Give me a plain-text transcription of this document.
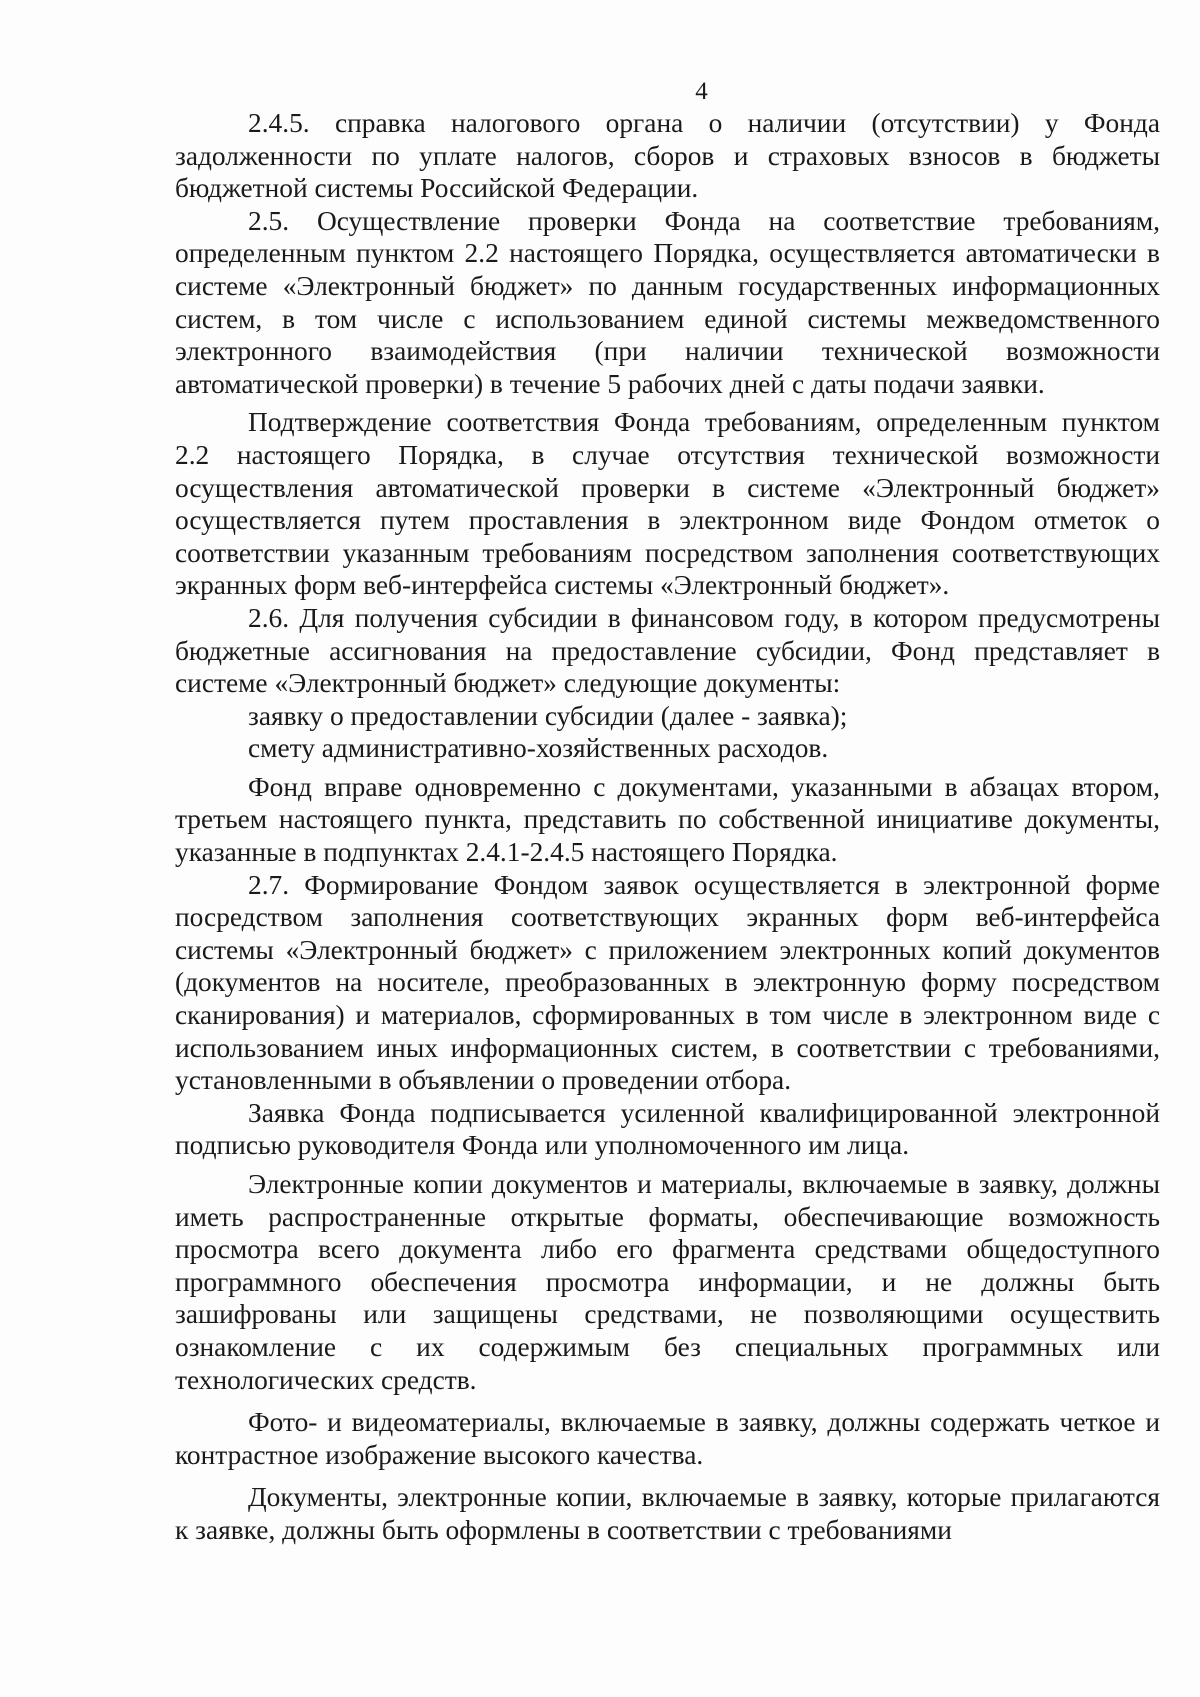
4

2.4.5. справка налогового органа о наличии (отсутствии) у Фонда задолженности по уплате налогов, сборов и страховых взносов в бюджеты бюджетной системы Российской Федерации.

2.5. Осуществление проверки Фонда на соответствие требованиям, определенным пунктом 2.2 настоящего Порядка, осуществляется автоматически в системе «Электронный бюджет» по данным государственных информационных систем, в том числе с использованием единой системы межведомственного электронного взаимодействия (при наличии технической возможности автоматической проверки) в течение 5 рабочих дней с даты подачи заявки.

Подтверждение соответствия Фонда требованиям, определенным пунктом 2.2 настоящего Порядка, в случае отсутствия технической возможности осуществления автоматической проверки в системе «Электронный бюджет» осуществляется путем проставления в электронном виде Фондом отметок о соответствии указанным требованиям посредством заполнения соответствующих экранных форм веб-интерфейса системы «Электронный бюджет».

2.6. Для получения субсидии в финансовом году, в котором предусмотрены бюджетные ассигнования на предоставление субсидии, Фонд представляет в системе «Электронный бюджет» следующие документы:

заявку о предоставлении субсидии (далее - заявка);

смету административно-хозяйственных расходов.

Фонд вправе одновременно с документами, указанными в абзацах втором, третьем настоящего пункта, представить по собственной инициативе документы, указанные в подпунктах 2.4.1-2.4.5 настоящего Порядка.

2.7. Формирование Фондом заявок осуществляется в электронной форме посредством заполнения соответствующих экранных форм веб-интерфейса системы «Электронный бюджет» с приложением электронных копий документов (документов на носителе, преобразованных в электронную форму посредством сканирования) и материалов, сформированных в том числе в электронном виде с использованием иных информационных систем, в соответствии с требованиями, установленными в объявлении о проведении отбора.

Заявка Фонда подписывается усиленной квалифицированной электронной подписью руководителя Фонда или уполномоченного им лица.

Электронные копии документов и материалы, включаемые в заявку, должны иметь распространенные открытые форматы, обеспечивающие возможность просмотра всего документа либо его фрагмента средствами общедоступного программного обеспечения просмотра информации, и не должны быть зашифрованы или защищены средствами, не позволяющими осуществить ознакомление с их содержимым без специальных программных или технологических средств.

Фото- и видеоматериалы, включаемые в заявку, должны содержать четкое и контрастное изображение высокого качества.

Документы, электронные копии, включаемые в заявку, которые прилагаются к заявке, должны быть оформлены в соответствии с требованиями
